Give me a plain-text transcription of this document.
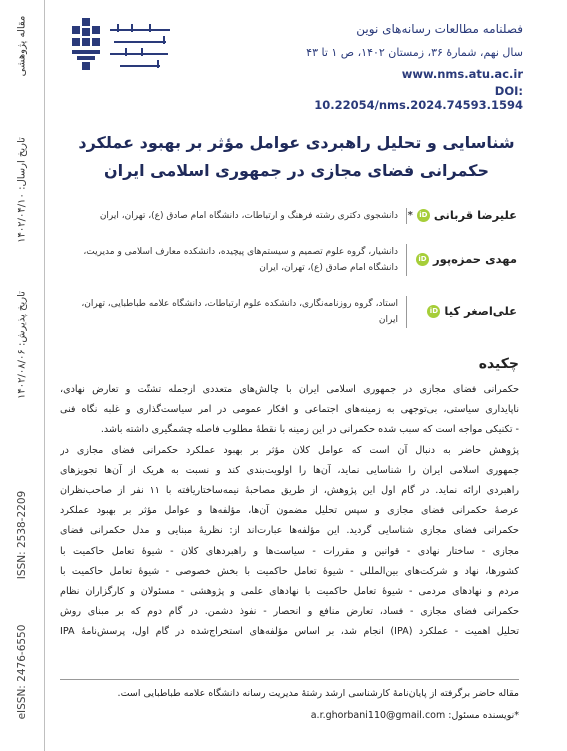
مقاله پژوهشی
تاریخ ارسال: ۱۴۰۲/۰۴/۱۰
تاریخ پذیرش: ۱۴۰۲/۰۸/۰۶
ISSN: 2538-2209
eISSN: 2476-6550
دانشگاه علامه طباطبائی	فصلنامه مطالعات رسانه‌های نوین

سال نهم، شمارهٔ ۳۶، زمستان ۱۴۰۲، ص ۱ تا ۴۳

www.nms.atu.ac.ir

DOI: 10.22054/nms.2024.74593.1594

شناسایی و تحلیل راهبردی عوامل مؤثر بر بهبود عملکرد

حکمرانی فضای مجازی در جمهوری اسلامی ایران

علیرضا قربانی
iD
*
دانشجوی دکتری رشته فرهنگ و ارتباطات، دانشگاه امام صادق (ع)، تهران، ایران
مهدی حمزه‌پور
iD
دانشیار، گروه علوم تصمیم و سیستم‌های پیچیده، دانشکده معارف اسلامی و مدیریت،
دانشگاه امام صادق (ع)، تهران، ایران
علی‌اصغر کیا
iD
استاد، گروه روزنامه‌نگاری، دانشکده علوم ارتباطات، دانشگاه علامه طباطبایی، تهران،
ایران

چکیده

حکمرانی فضای مجازی در جمهوری اسلامی ایران با چالش‌های متعددی ازجمله تشتّت و تعارض نهادی،
ناپایداری سیاستی، بی‌توجهی به زمینه‌های اجتماعی و افکار عمومی در امر سیاست‌گذاری و غلبه نگاه فنی
- تکنیکی مواجه است که سبب شده حکمرانی در این زمینه با نقطهٔ مطلوب فاصله چشمگیری داشته باشد.
پژوهش حاضر به دنبال آن است که عوامل کلان مؤثر بر بهبود عملکرد حکمرانی فضای مجازی در
جمهوری اسلامی ایران را شناسایی نماید، آن‌ها را اولویت‌بندی کند و نسبت به هریک از آن‌ها تجویزهای
راهبردی ارائه نماید. در گام اول این پژوهش، از طریق مصاحبهٔ نیمه‌ساختاریافته با ۱۱ نفر از صاحب‌نظران
عرصهٔ حکمرانی فضای مجازی و سپس تحلیل مضمون آن‌ها، مؤلفه‌ها و عوامل مؤثر بر بهبود عملکرد
حکمرانی فضای مجازی شناسایی گردید. این مؤلفه‌ها عبارت‌اند از: نظریهٔ مبنایی و مدل حکمرانی فضای
مجازی - ساختار نهادی - قوانین و مقررات - سیاست‌ها و راهبردهای کلان - شیوهٔ تعامل حاکمیت با
کشورها، نهاد و شرکت‌های بین‌المللی - شیوهٔ تعامل حاکمیت با بخش خصوصی - شیوهٔ تعامل حاکمیت با
مردم و نهادهای مردمی - شیوهٔ تعامل حاکمیت با نهادهای علمی و پژوهشی - مسئولان و کارگزاران نظام
حکمرانی فضای مجازی - فساد، تعارض منافع و انحصار - نفوذ دشمن. در گام دوم که بر مبنای روش
تحلیل اهمیت - عملکرد (IPA) انجام شد، بر اساس مؤلفه‌های استخراج‌شده در گام اول، پرسش‌نامهٔ IPA

مقاله حاضر برگرفته از پایان‌نامهٔ کارشناسی ارشد رشتهٔ مدیریت رسانه دانشگاه علامه طباطبایی است.

*نویسنده مسئول: a.r.ghorbani110@gmail.com
